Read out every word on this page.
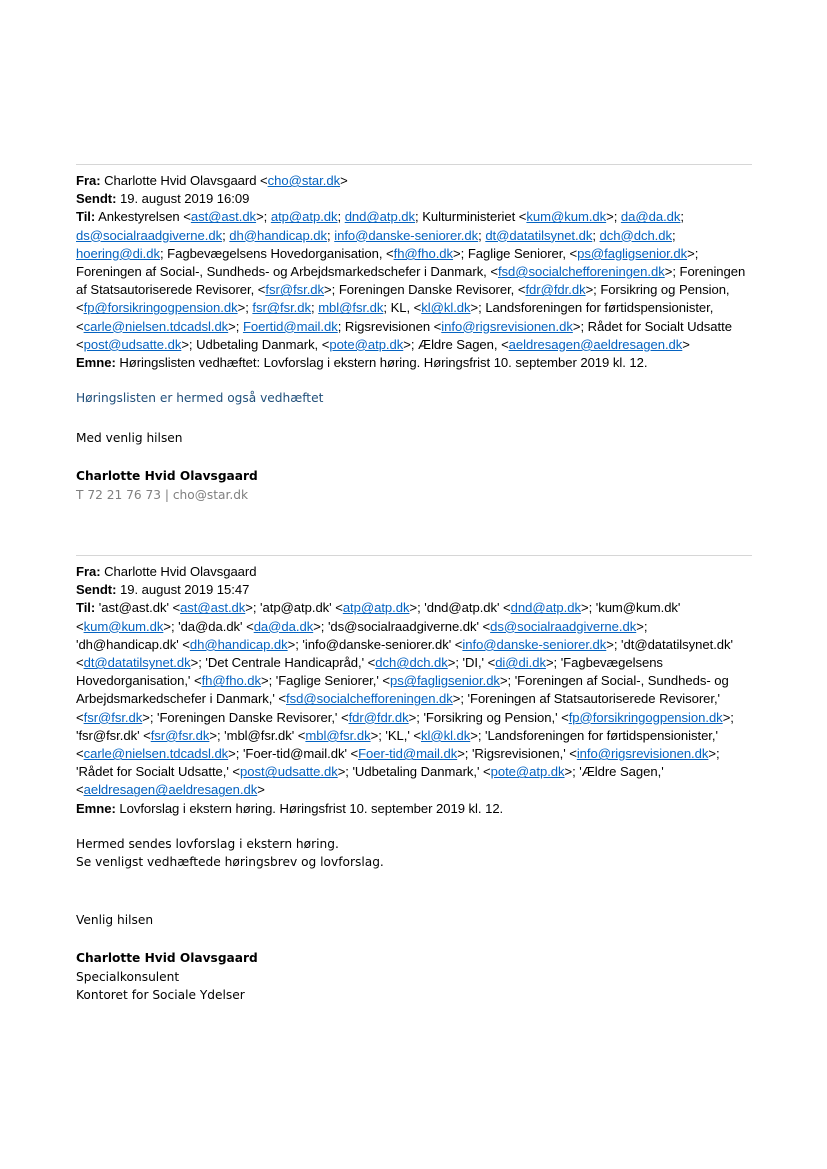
Fra: Charlotte Hvid Olavsgaard <cho@star.dk>
Sendt: 19. august 2019 16:09
Til: Ankestyrelsen <ast@ast.dk>; atp@atp.dk; dnd@atp.dk; Kulturministeriet <kum@kum.dk>; da@da.dk; ds@socialraadgiverne.dk; dh@handicap.dk; info@danske-seniorer.dk; dt@datatilsynet.dk; dch@dch.dk; hoering@di.dk; Fagbevægelsens Hovedorganisation, <fh@fho.dk>; Faglige Seniorer, <ps@fagligsenior.dk>; Foreningen af Social-, Sundheds- og Arbejdsmarkedschefer i Danmark, <fsd@socialchefforeningen.dk>; Foreningen af Statsautoriserede Revisorer, <fsr@fsr.dk>; Foreningen Danske Revisorer, <fdr@fdr.dk>; Forsikring og Pension, <fp@forsikringogpension.dk>; fsr@fsr.dk; mbl@fsr.dk; KL, <kl@kl.dk>; Landsforeningen for førtidspensionister, <carle@nielsen.tdcadsl.dk>; Foertid@mail.dk; Rigsrevisionen <info@rigsrevisionen.dk>; Rådet for Socialt Udsatte <post@udsatte.dk>; Udbetaling Danmark, <pote@atp.dk>; Ældre Sagen, <aeldresagen@aeldresagen.dk>
Emne: Høringslisten vedhæftet: Lovforslag i ekstern høring. Høringsfrist 10. september 2019 kl. 12.
Høringslisten er hermed også vedhæftet
Med venlig hilsen
Charlotte Hvid Olavsgaard
T 72 21 76 73 | cho@star.dk
Fra: Charlotte Hvid Olavsgaard
Sendt: 19. august 2019 15:47
Til: 'ast@ast.dk' <ast@ast.dk>; 'atp@atp.dk' <atp@atp.dk>; 'dnd@atp.dk' <dnd@atp.dk>; 'kum@kum.dk' <kum@kum.dk>; 'da@da.dk' <da@da.dk>; 'ds@socialraadgiverne.dk' <ds@socialraadgiverne.dk>; 'dh@handicap.dk' <dh@handicap.dk>; 'info@danske-seniorer.dk' <info@danske-seniorer.dk>; 'dt@datatilsynet.dk' <dt@datatilsynet.dk>; 'Det Centrale Handicapråd,' <dch@dch.dk>; 'DI,' <di@di.dk>; 'Fagbevægelsens Hovedorganisation,' <fh@fho.dk>; 'Faglige Seniorer,' <ps@fagligsenior.dk>; 'Foreningen af Social-, Sundheds- og Arbejdsmarkedschefer i Danmark,' <fsd@socialchefforeningen.dk>; 'Foreningen af Statsautoriserede Revisorer,' <fsr@fsr.dk>; 'Foreningen Danske Revisorer,' <fdr@fdr.dk>; 'Forsikring og Pension,' <fp@forsikringogpension.dk>; 'fsr@fsr.dk' <fsr@fsr.dk>; 'mbl@fsr.dk' <mbl@fsr.dk>; 'KL,' <kl@kl.dk>; 'Landsforeningen for førtidspensionister,' <carle@nielsen.tdcadsl.dk>; 'Foer-tid@mail.dk' <Foer-tid@mail.dk>; 'Rigsrevisionen,' <info@rigsrevisionen.dk>; 'Rådet for Socialt Udsatte,' <post@udsatte.dk>; 'Udbetaling Danmark,' <pote@atp.dk>; 'Ældre Sagen,' <aeldresagen@aeldresagen.dk>
Emne: Lovforslag i ekstern høring. Høringsfrist 10. september 2019 kl. 12.
Hermed sendes lovforslag i ekstern høring.
Se venligst vedhæftede høringsbrev og lovforslag.
Venlig hilsen
Charlotte Hvid Olavsgaard
Specialkonsulent
Kontoret for Sociale Ydelser
